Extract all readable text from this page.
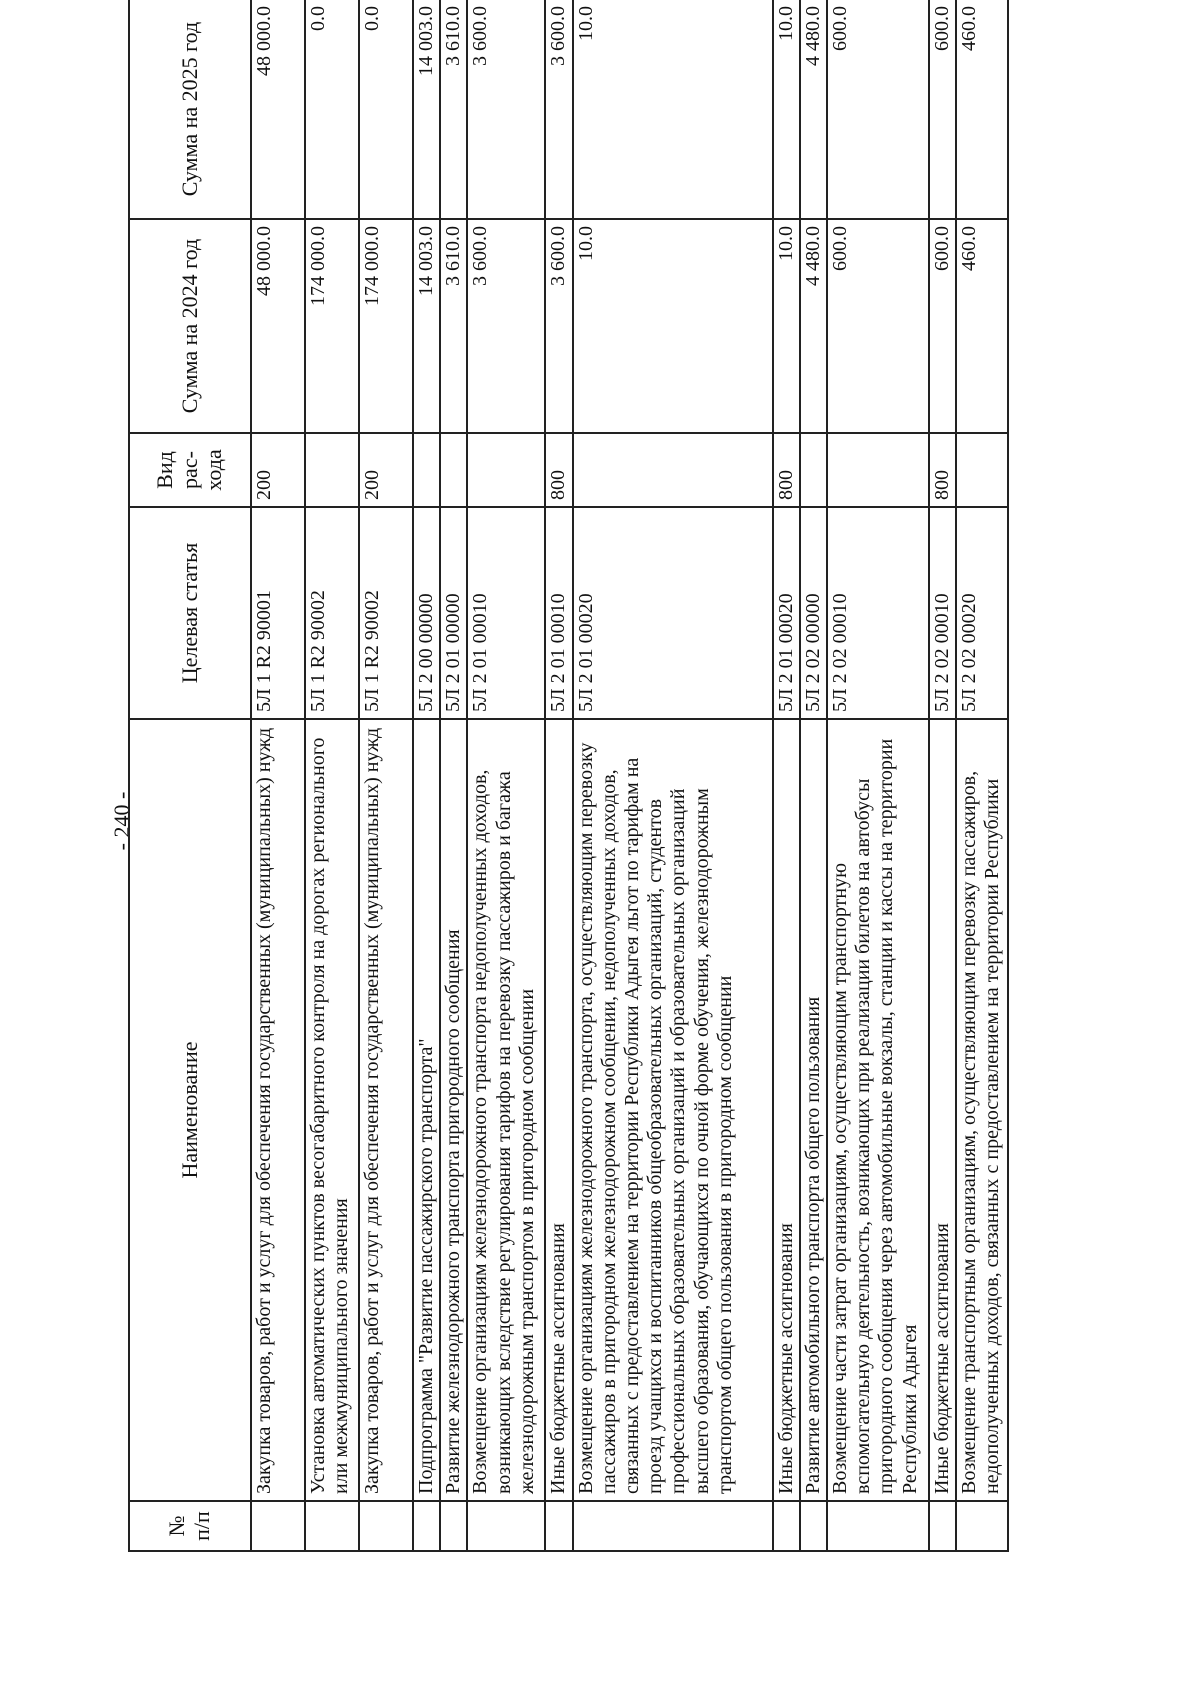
- 240 -
№ п/п	Наименование	Целевая статья	Вид рас- хода	Сумма на 2024 год	Сумма на 2025 год
	Закупка товаров, работ и услуг для обеспечения государственных (муниципальных) нужд	5Л 1 R2 90001	200	48 000.0	48 000.0
	Установка автоматических пунктов весогабаритного контроля на дорогах регионального или межмуниципального значения	5Л 1 R2 90002		174 000.0	0.0
	Закупка товаров, работ и услуг для обеспечения государственных (муниципальных) нужд	5Л 1 R2 90002	200	174 000.0	0.0
	Подпрограмма "Развитие пассажирского транспорта"	5Л 2 00 00000		14 003.0	14 003.0
	Развитие железнодорожного транспорта пригородного сообщения	5Л 2 01 00000		3 610.0	3 610.0
	Возмещение организациям железнодорожного транспорта недополученных доходов, возникающих вследствие регулирования тарифов на перевозку пассажиров и багажа железнодорожным транспортом в пригородном сообщении	5Л 2 01 00010		3 600.0	3 600.0
	Иные бюджетные ассигнования	5Л 2 01 00010	800	3 600.0	3 600.0
	Возмещение организациям железнодорожного транспорта, осуществляющим перевозку пассажиров в пригородном железнодорожном сообщении, недополученных доходов, связанных с предоставлением на территории Республики Адыгея льгот по тарифам на проезд учащихся и воспитанников общеобразовательных организаций, студентов профессиональных образовательных организаций и образовательных организаций высшего образования, обучающихся по очной форме обучения, железнодорожным транспортом общего пользования в пригородном сообщении	5Л 2 01 00020		10.0	10.0
	Иные бюджетные ассигнования	5Л 2 01 00020	800	10.0	10.0
	Развитие автомобильного транспорта общего пользования	5Л 2 02 00000		4 480.0	4 480.0
	Возмещение части затрат организациям, осуществляющим транспортную вспомогательную деятельность, возникающих при реализации билетов на автобусы пригородного сообщения через автомобильные вокзалы, станции и кассы на территории Республики Адыгея	5Л 2 02 00010		600.0	600.0
	Иные бюджетные ассигнования	5Л 2 02 00010	800	600.0	600.0
	Возмещение транспортным организациям, осуществляющим перевозку пассажиров, недополученных доходов, связанных с предоставлением на территории Республики	5Л 2 02 00020		460.0	460.0
